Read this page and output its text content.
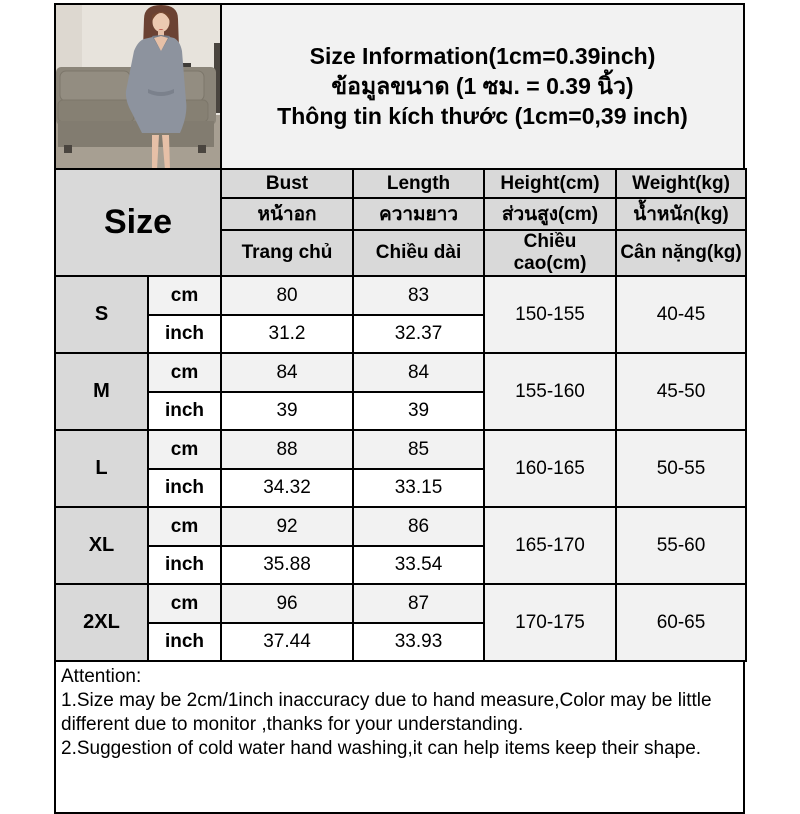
Size Information(1cm=0.39inch)
ข้อมูลขนาด (1 ซม. = 0.39 นิ้ว)
Thông tin kích thước (1cm=0,39 inch)
Size		Bust	Length	Height(cm)	Weight(kg)
		หน้าอก	ความยาว	ส่วนสูง(cm)	น้ำหนัก(kg)
		Trang chủ	Chiều dài	Chiều cao(cm)	Cân nặng(kg)
S	cm	80	83	150-155	40-45
	inch	31.2	32.37		
M	cm	84	84	155-160	45-50
	inch	39	39		
L	cm	88	85	160-165	50-55
	inch	34.32	33.15		
XL	cm	92	86	165-170	55-60
	inch	35.88	33.54		
2XL	cm	96	87	170-175	60-65
	inch	37.44	33.93		
Attention:
1.Size may be 2cm/1inch inaccuracy due to hand measure,Color may be little different due to monitor ,thanks for your understanding.
2.Suggestion of cold water hand washing,it can help items keep their shape.
